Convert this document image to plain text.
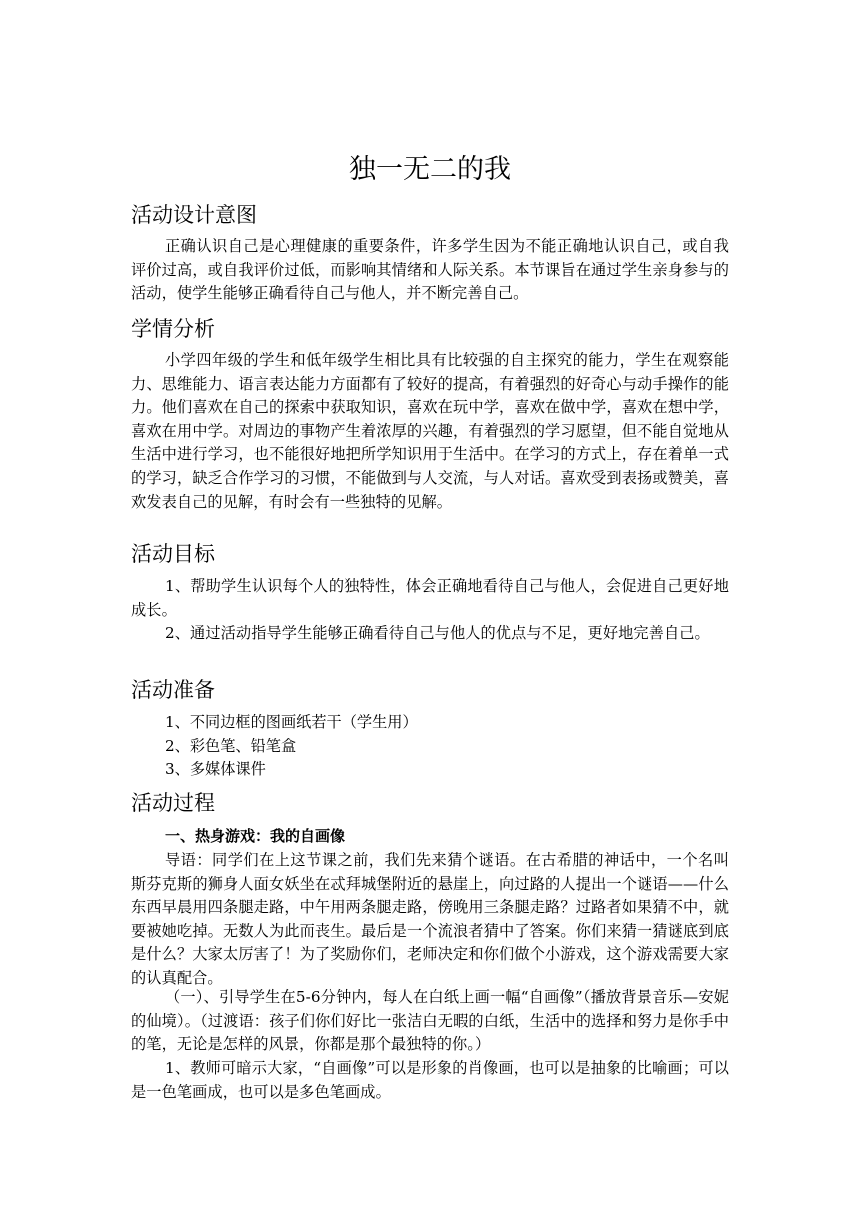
独一无二的我
活动设计意图

正确认识自己是心理健康的重要条件，许多学生因为不能正确地认识自己，或自我评价过高，或自我评价过低，而影响其情绪和人际关系。本节课旨在通过学生亲身参与的活动，使学生能够正确看待自己与他人，并不断完善自己。

学情分析

小学四年级的学生和低年级学生相比具有比较强的自主探究的能力，学生在观察能力、思维能力、语言表达能力方面都有了较好的提高，有着强烈的好奇心与动手操作的能力。他们喜欢在自己的探索中获取知识，喜欢在玩中学，喜欢在做中学，喜欢在想中学，喜欢在用中学。对周边的事物产生着浓厚的兴趣，有着强烈的学习愿望，但不能自觉地从生活中进行学习，也不能很好地把所学知识用于生活中。在学习的方式上，存在着单一式的学习，缺乏合作学习的习惯，不能做到与人交流，与人对话。喜欢受到表扬或赞美，喜欢发表自己的见解，有时会有一些独特的见解。

活动目标

1、帮助学生认识每个人的独特性，体会正确地看待自己与他人，会促进自己更好地成长。

2、通过活动指导学生能够正确看待自己与他人的优点与不足，更好地完善自己。

活动准备

1、不同边框的图画纸若干（学生用）

2、彩色笔、铅笔盒

3、多媒体课件

活动过程

一、热身游戏：我的自画像

导语：同学们在上这节课之前，我们先来猜个谜语。在古希腊的神话中，一个名叫斯芬克斯的狮身人面女妖坐在忒拜城堡附近的悬崖上，向过路的人提出一个谜语——什么东西早晨用四条腿走路，中午用两条腿走路，傍晚用三条腿走路？过路者如果猜不中，就要被她吃掉。无数人为此而丧生。最后是一个流浪者猜中了答案。你们来猜一猜谜底到底是什么？大家太厉害了！为了奖励你们，老师决定和你们做个小游戏，这个游戏需要大家的认真配合。

（一）、引导学生在5-6分钟内，每人在白纸上画一幅“自画像”（播放背景音乐—安妮的仙境）。（过渡语：孩子们你们好比一张洁白无暇的白纸，生活中的选择和努力是你手中的笔，无论是怎样的风景，你都是那个最独特的你。）

1、教师可暗示大家，“自画像”可以是形象的肖像画，也可以是抽象的比喻画；可以是一色笔画成，也可以是多色笔画成。
